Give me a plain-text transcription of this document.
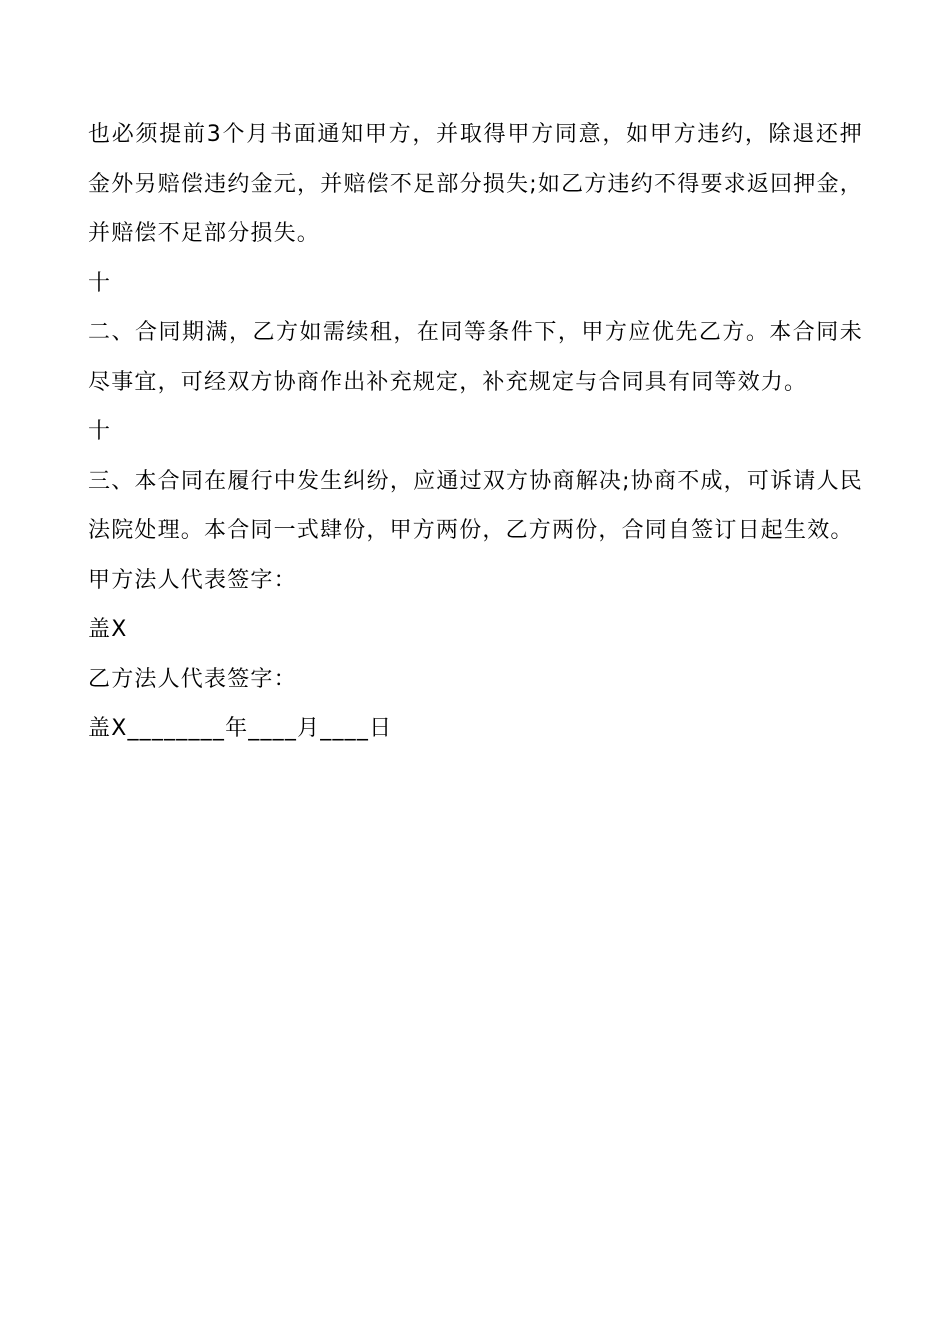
也必须提前3个月书面通知甲方，并取得甲方同意，如甲方违约，除退还押金外另赔偿违约金元，并赔偿不足部分损失;如乙方违约不得要求返回押金，并赔偿不足部分损失。

十

二、合同期满，乙方如需续租，在同等条件下，甲方应优先乙方。本合同未尽事宜，可经双方协商作出补充规定，补充规定与合同具有同等效力。

十

三、本合同在履行中发生纠纷，应通过双方协商解决;协商不成，可诉请人民法院处理。本合同一式肆份，甲方两份，乙方两份，合同自签订日起生效。

甲方法人代表签字：

盖X

乙方法人代表签字：

盖X________年____月____日
